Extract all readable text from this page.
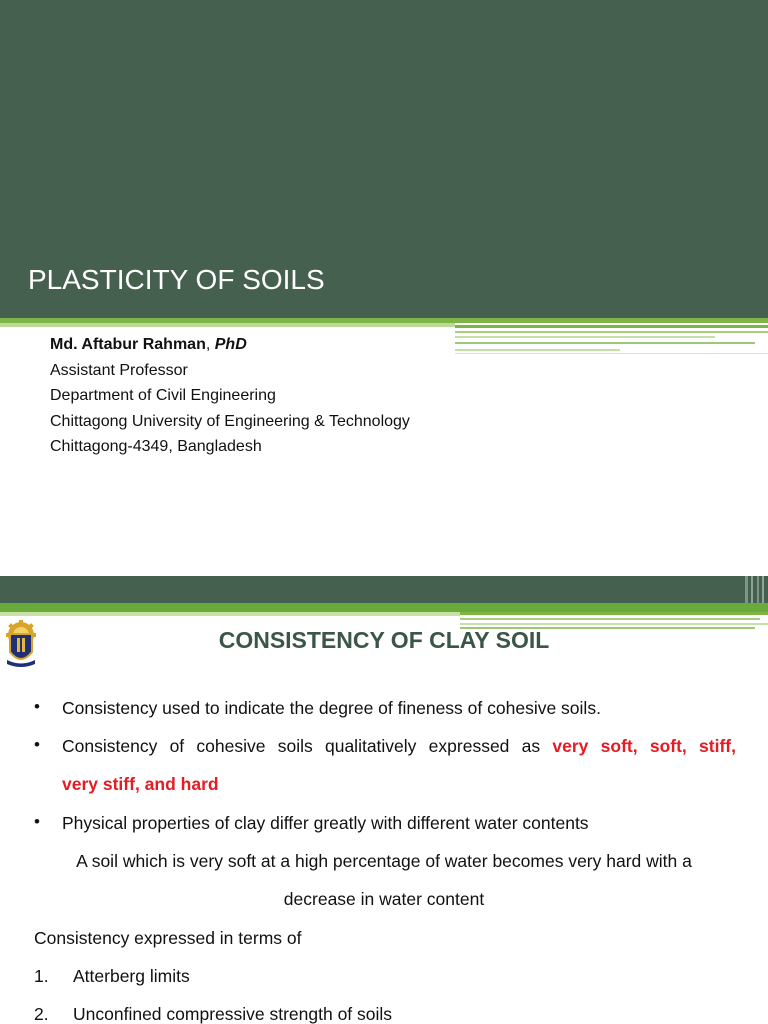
PLASTICITY OF SOILS
Md. Aftabur Rahman, PhD
Assistant Professor
Department of Civil Engineering
Chittagong University of Engineering & Technology
Chittagong-4349, Bangladesh
CONSISTENCY OF CLAY SOIL
• Consistency used to indicate the degree of fineness of cohesive soils.
• Consistency of cohesive soils qualitatively expressed as very soft, soft, stiff,
very stiff, and hard
• Physical properties of clay differ greatly with different water contents
A soil which is very soft at a high percentage of water becomes very hard with a
decrease in water content
Consistency expressed in terms of
1. Atterberg limits
2. Unconfined compressive strength of soils
